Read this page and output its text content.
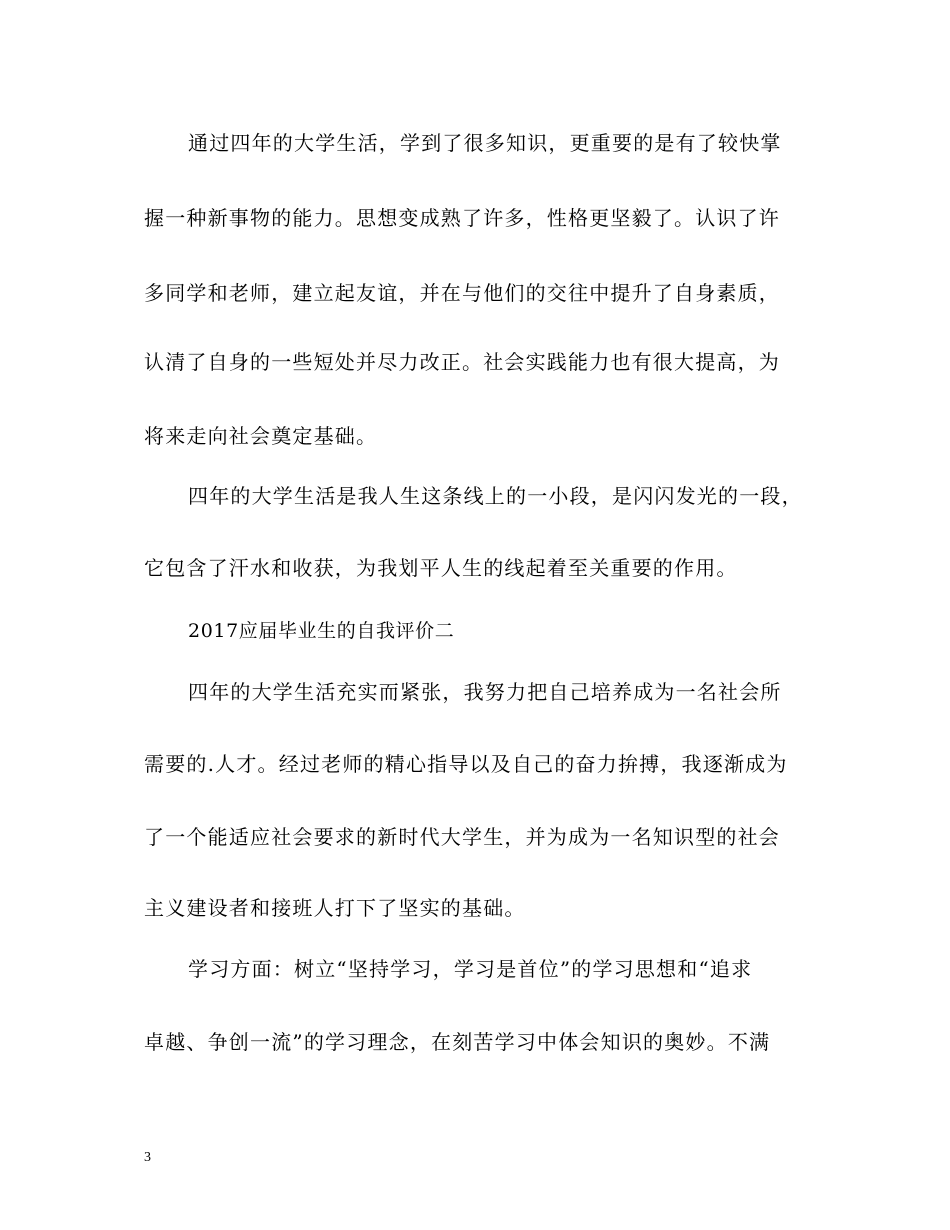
通过四年的大学生活，学到了很多知识，更重要的是有了较快掌
握一种新事物的能力。思想变成熟了许多，性格更坚毅了。认识了许
多同学和老师，建立起友谊，并在与他们的交往中提升了自身素质，
认清了自身的一些短处并尽力改正。社会实践能力也有很大提高，为
将来走向社会奠定基础。
四年的大学生活是我人生这条线上的一小段，是闪闪发光的一段，
它包含了汗水和收获，为我划平人生的线起着至关重要的作用。
2017应届毕业生的自我评价二
四年的大学生活充实而紧张，我努力把自己培养成为一名社会所
需要的.人才。经过老师的精心指导以及自己的奋力拚搏，我逐渐成为
了一个能适应社会要求的新时代大学生，并为成为一名知识型的社会
主义建设者和接班人打下了坚实的基础。
学习方面：树立“坚持学习，学习是首位”的学习思想和“追求
卓越、争创一流”的学习理念，在刻苦学习中体会知识的奥妙。不满
3
